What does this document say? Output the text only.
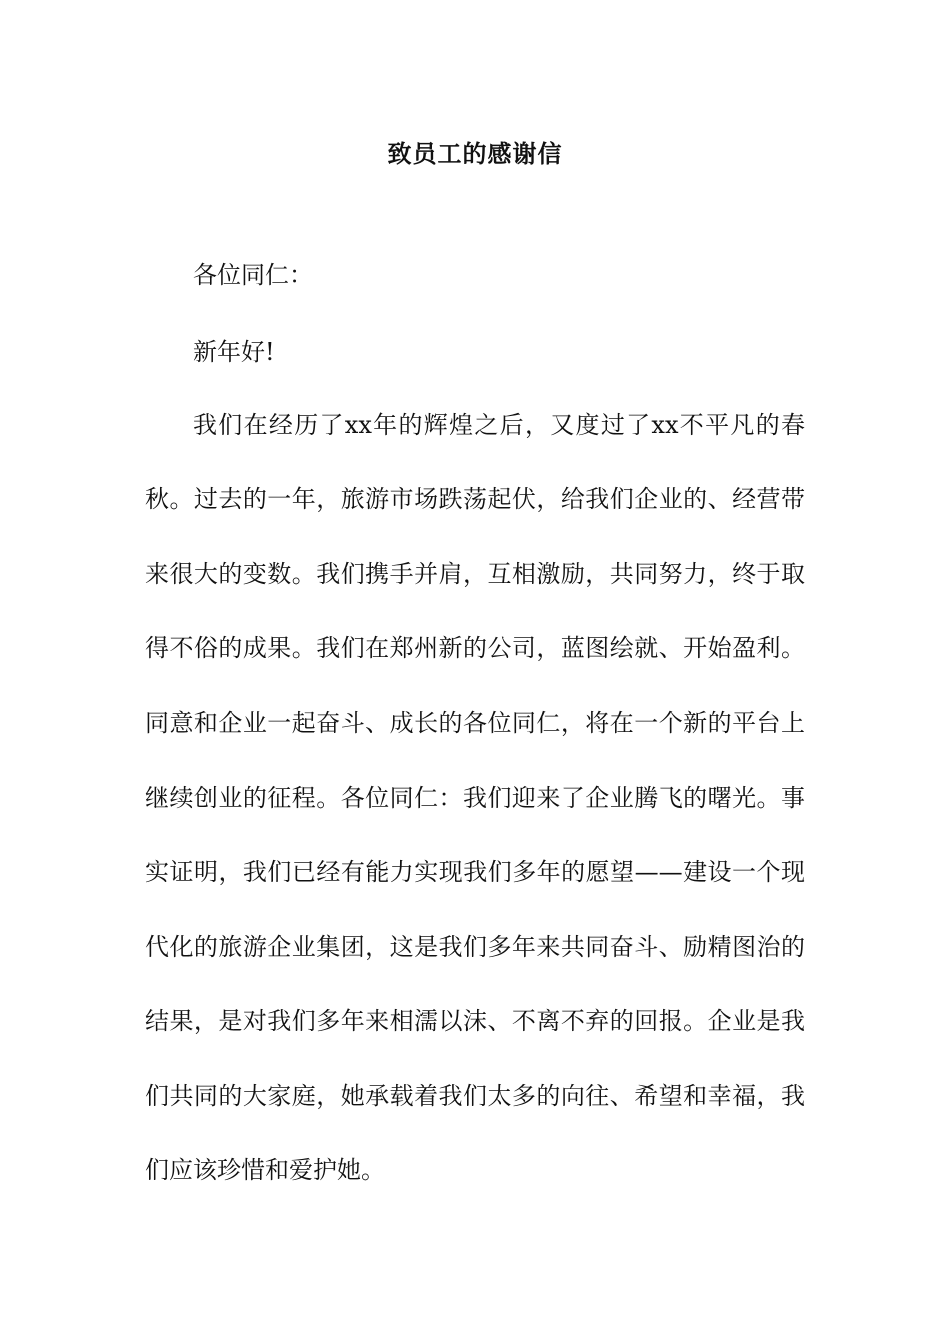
致员工的感谢信
各位同仁：
新年好!
我们在经历了xx年的辉煌之后，又度过了xx不平凡的春
秋。过去的一年，旅游市场跌荡起伏，给我们企业的、经营带
来很大的变数。我们携手并肩，互相激励，共同努力，终于取
得不俗的成果。我们在郑州新的公司，蓝图绘就、开始盈利。
同意和企业一起奋斗、成长的各位同仁，将在一个新的平台上
继续创业的征程。各位同仁：我们迎来了企业腾飞的曙光。事
实证明，我们已经有能力实现我们多年的愿望——建设一个现
代化的旅游企业集团，这是我们多年来共同奋斗、励精图治的
结果，是对我们多年来相濡以沫、不离不弃的回报。企业是我
们共同的大家庭，她承载着我们太多的向往、希望和幸福，我
们应该珍惜和爱护她。
